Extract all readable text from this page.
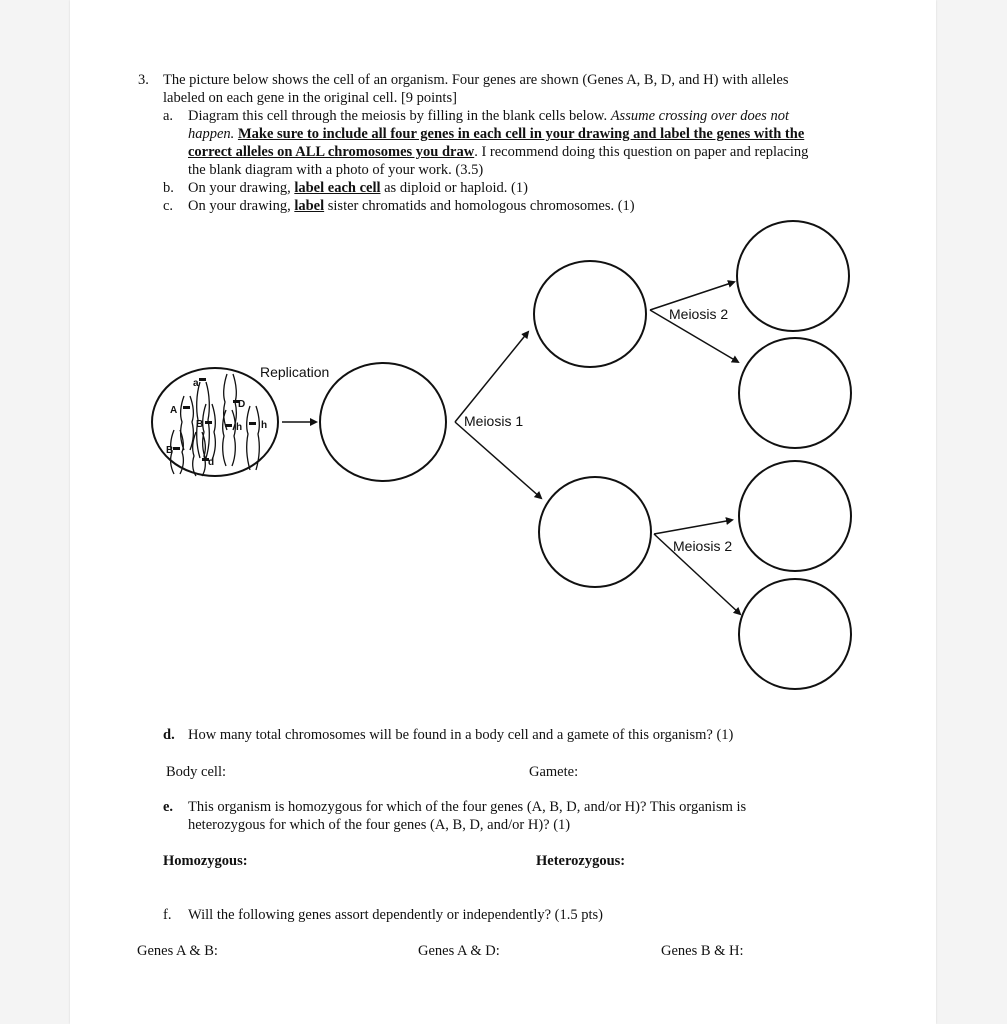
3. The picture below shows the cell of an organism. Four genes are shown (Genes A, B, D, and H) with alleles
labeled on each gene in the original cell. [9 points]
a. Diagram this cell through the meiosis by filling in the blank cells below. Assume crossing over does not
happen. Make sure to include all four genes in each cell in your drawing and label the genes with the
correct alleles on ALL chromosomes you draw. I recommend doing this question on paper and replacing
the blank diagram with a photo of your work. (3.5)
b. On your drawing, label each cell as diploid or haploid. (1)
c. On your drawing, label sister chromatids and homologous chromosomes. (1)
a
A
B
B
D
d
h h
Replication
Meiosis 1
Meiosis 2
Meiosis 2
d. How many total chromosomes will be found in a body cell and a gamete of this organism? (1)
Body cell:	Gamete:
e. This organism is homozygous for which of the four genes (A, B, D, and/or H)? This organism is
heterozygous for which of the four genes (A, B, D, and/or H)? (1)
Homozygous:	Heterozygous:
f. Will the following genes assort dependently or independently? (1.5 pts)
Genes A & B:	Genes A & D:	Genes B & H:
